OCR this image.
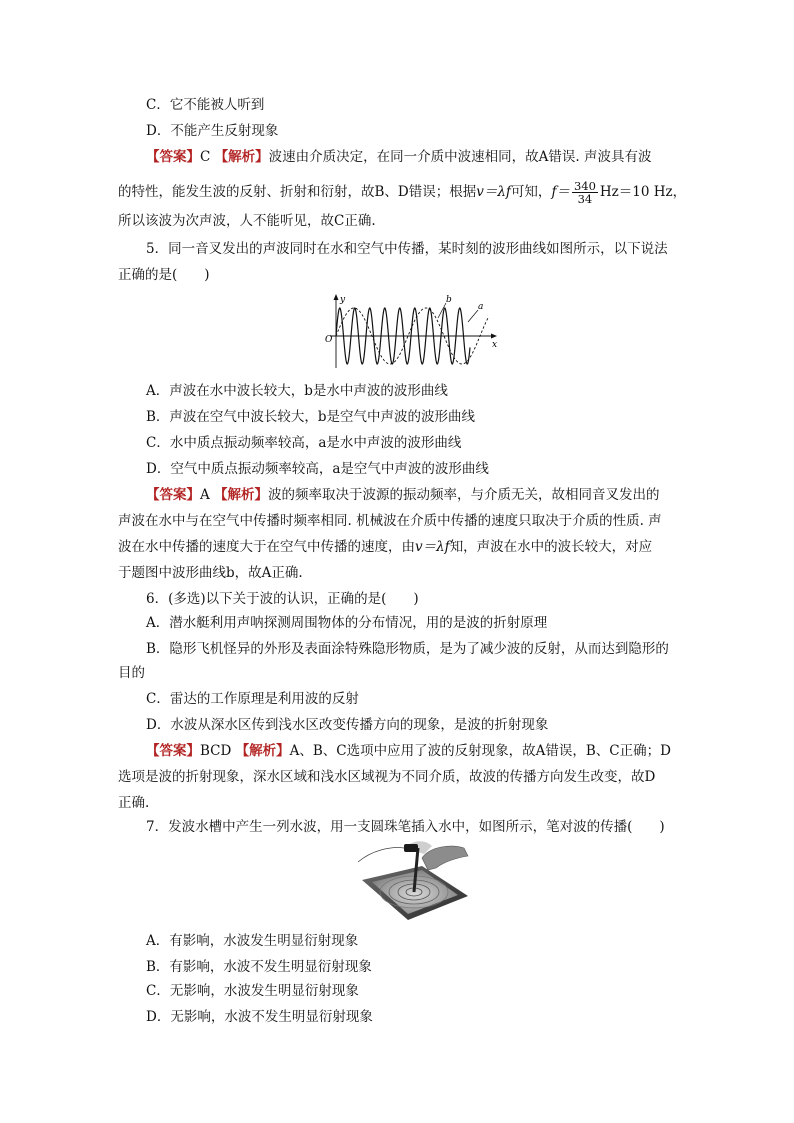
C．它不能被人听到
D．不能产生反射现象
【答案】C 【解析】波速由介质决定，在同一介质中波速相同，故A错误. 声波具有波
的特性，能发生波的反射、折射和衍射，故B、D错误；根据v＝λf可知，$f= \frac{340}{34} Hz=10$ Hz，
所以该波为次声波，人不能听见，故C正确.
5．同一音叉发出的声波同时在水和空气中传播，某时刻的波形曲线如图所示，以下说法
正确的是(　　)
y
x
O
b
a
A．声波在水中波长较大，b是水中声波的波形曲线
B．声波在空气中波长较大，b是空气中声波的波形曲线
C．水中质点振动频率较高，a是水中声波的波形曲线
D．空气中质点振动频率较高，a是空气中声波的波形曲线
【答案】A 【解析】波的频率取决于波源的振动频率，与介质无关，故相同音叉发出的
声波在水中与在空气中传播时频率相同. 机械波在介质中传播的速度只取决于介质的性质. 声
波在水中传播的速度大于在空气中传播的速度，由v＝λf知，声波在水中的波长较大，对应
于题图中波形曲线b，故A正确.
6．(多选)以下关于波的认识，正确的是(　　)
A．潜水艇利用声呐探测周围物体的分布情况，用的是波的折射原理
B．隐形飞机怪异的外形及表面涂特殊隐形物质，是为了减少波的反射，从而达到隐形的
目的
C．雷达的工作原理是利用波的反射
D．水波从深水区传到浅水区改变传播方向的现象，是波的折射现象
【答案】BCD 【解析】A、B、C选项中应用了波的反射现象，故A错误，B、C正确；D
选项是波的折射现象，深水区域和浅水区域视为不同介质，故波的传播方向发生改变，故D
正确.
7．发波水槽中产生一列水波，用一支圆珠笔插入水中，如图所示，笔对波的传播(　　)
A．有影响，水波发生明显衍射现象
B．有影响，水波不发生明显衍射现象
C．无影响，水波发生明显衍射现象
D．无影响，水波不发生明显衍射现象
